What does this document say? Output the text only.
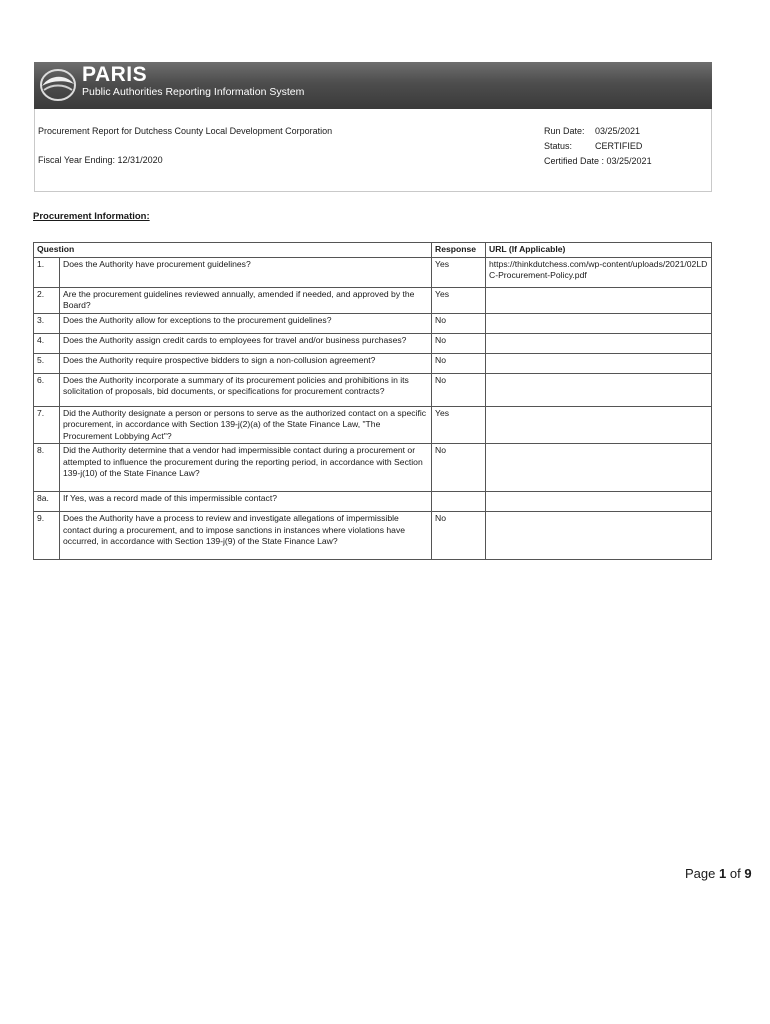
PARIS
Public Authorities Reporting Information System
Procurement Report for Dutchess County Local Development Corporation
Fiscal Year Ending: 12/31/2020
Run Date: 03/25/2021
Status:	CERTIFIED
Certified Date : 03/25/2021
Procurement Information:
Question		Response	URL (If Applicable)
1.	Does the Authority have procurement guidelines?	Yes	https://thinkdutchess.com/wp-content/uploads/2021/02LDC-Procurement-Policy.pdf
2.	Are the procurement guidelines reviewed annually, amended if needed, and approved by the Board?	Yes	
3.	Does the Authority allow for exceptions to the procurement guidelines?	No	
4.	Does the Authority assign credit cards to employees for travel and/or business purchases?	No	
5.	Does the Authority require prospective bidders to sign a non-collusion agreement?	No	
6.	Does the Authority incorporate a summary of its procurement policies and prohibitions in its solicitation of proposals, bid documents, or specifications for procurement contracts?	No	
7.	Did the Authority designate a person or persons to serve as the authorized contact on a specific procurement, in accordance with Section 139-j(2)(a) of the State Finance Law, "The Procurement Lobbying Act"?	Yes	
8.	Did the Authority determine that a vendor had impermissible contact during a procurement or attempted to influence the procurement during the reporting period, in accordance with Section 139-j(10) of the State Finance Law?	No	
8a.	If Yes, was a record made of this impermissible contact?		
9.	Does the Authority have a process to review and investigate allegations of impermissible contact during a procurement, and to impose sanctions in instances where violations have occurred, in accordance with Section 139-j(9) of the State Finance Law?	No	
Page 1 of 9
